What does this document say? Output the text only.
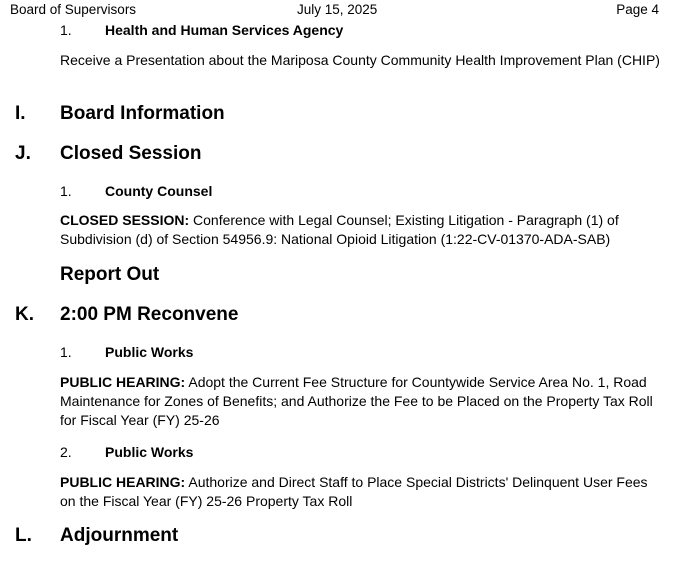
Board of Supervisors	July 15, 2025	Page 4
1. Health and Human Services Agency
Receive a Presentation about the Mariposa County Community Health Improvement Plan (CHIP)
I. Board Information
J. Closed Session
1. County Counsel
CLOSED SESSION: Conference with Legal Counsel; Existing Litigation - Paragraph (1) of Subdivision (d) of Section 54956.9: National Opioid Litigation (1:22-CV-01370-ADA-SAB)
Report Out
K. 2:00 PM Reconvene
1. Public Works
PUBLIC HEARING: Adopt the Current Fee Structure for Countywide Service Area No. 1, Road Maintenance for Zones of Benefits; and Authorize the Fee to be Placed on the Property Tax Roll for Fiscal Year (FY) 25-26
2. Public Works
PUBLIC HEARING: Authorize and Direct Staff to Place Special Districts' Delinquent User Fees on the Fiscal Year (FY) 25-26 Property Tax Roll
L. Adjournment
